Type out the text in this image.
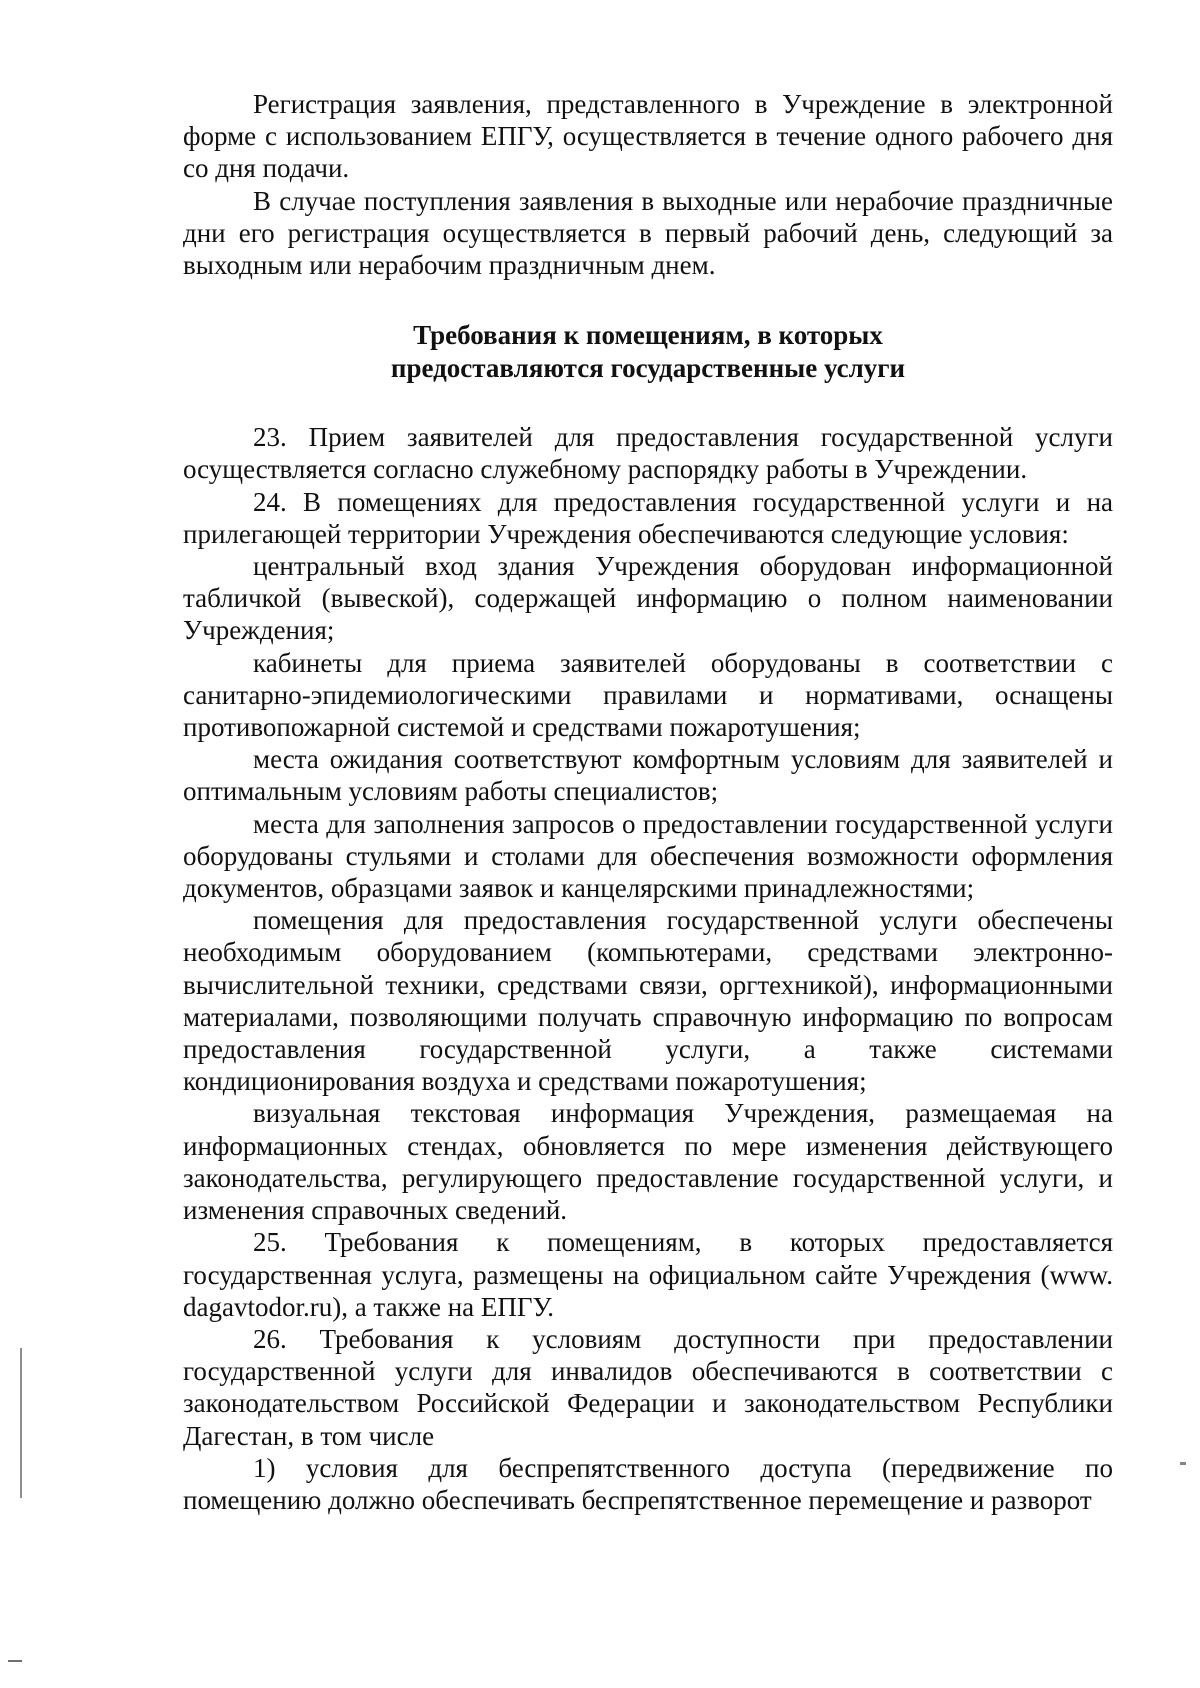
Регистрация заявления, представленного в Учреждение в электронной форме с использованием ЕПГУ, осуществляется в течение одного рабочего дня со дня подачи.

В случае поступления заявления в выходные или нерабочие праздничные дни его регистрация осуществляется в первый рабочий день, следующий за выходным или нерабочим праздничным днем.

Требования к помещениям, в которых
предоставляются государственные услуги

23. Прием заявителей для предоставления государственной услуги осуществляется согласно служебному распорядку работы в Учреждении.

24. В помещениях для предоставления государственной услуги и на прилегающей территории Учреждения обеспечиваются следующие условия:

центральный вход здания Учреждения оборудован информационной табличкой (вывеской), содержащей информацию о полном наименовании Учреждения;

кабинеты для приема заявителей оборудованы в соответствии с санитарно-эпидемиологическими правилами и нормативами, оснащены противопожарной системой и средствами пожаротушения;

места ожидания соответствуют комфортным условиям для заявителей и оптимальным условиям работы специалистов;

места для заполнения запросов о предоставлении государственной услуги оборудованы стульями и столами для обеспечения возможности оформления документов, образцами заявок и канцелярскими принадлежностями;

помещения для предоставления государственной услуги обеспечены необходимым оборудованием (компьютерами, средствами электронно-вычислительной техники, средствами связи, оргтехникой), информационными материалами, позволяющими получать справочную информацию по вопросам предоставления государственной услуги, а также системами кондиционирования воздуха и средствами пожаротушения;

визуальная текстовая информация Учреждения, размещаемая на информационных стендах, обновляется по мере изменения действующего законодательства, регулирующего предоставление государственной услуги, и изменения справочных сведений.

25. Требования к помещениям, в которых предоставляется государственная услуга, размещены на официальном сайте Учреждения (www. dagavtodor.ru), а также на ЕПГУ.

26. Требования к условиям доступности при предоставлении государственной услуги для инвалидов обеспечиваются в соответствии с законодательством Российской Федерации и законодательством Республики Дагестан, в том числе

1) условия для беспрепятственного доступа (передвижение по помещению должно обеспечивать беспрепятственное перемещение и разворот
